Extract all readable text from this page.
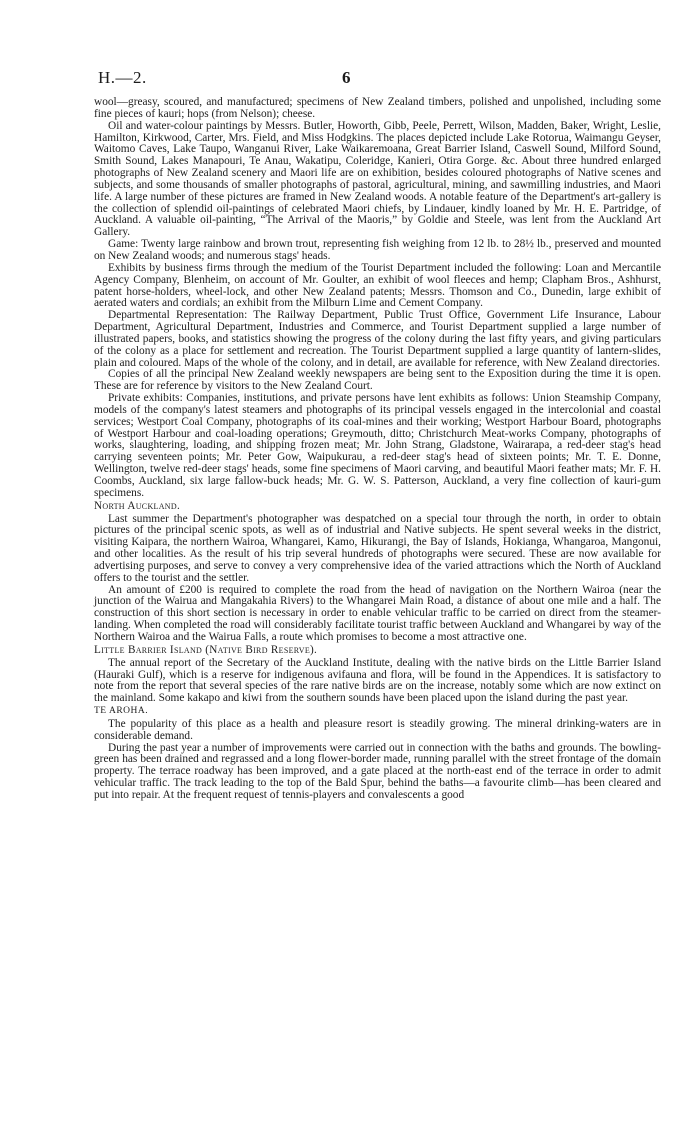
H.—2.	6

wool—greasy, scoured, and manufactured; specimens of New Zealand timbers, polished and unpolished, including some fine pieces of kauri; hops (from Nelson); cheese.

Oil and water-colour paintings by Messrs. Butler, Howorth, Gibb, Peele, Perrett, Wilson, Madden, Baker, Wright, Leslie, Hamilton, Kirkwood, Carter, Mrs. Field, and Miss Hodgkins. The places depicted include Lake Rotorua, Waimangu Geyser, Waitomo Caves, Lake Taupo, Wanganui River, Lake Waikaremoana, Great Barrier Island, Caswell Sound, Milford Sound, Smith Sound, Lakes Manapouri, Te Anau, Wakatipu, Coleridge, Kanieri, Otira Gorge. &c. About three hundred enlarged photographs of New Zealand scenery and Maori life are on exhibition, besides coloured photographs of Native scenes and subjects, and some thousands of smaller photographs of pastoral, agricultural, mining, and sawmilling industries, and Maori life. A large number of these pictures are framed in New Zealand woods. A notable feature of the Department's art-gallery is the collection of splendid oil-paintings of celebrated Maori chiefs, by Lindauer, kindly loaned by Mr. H. E. Partridge, of Auckland. A valuable oil-painting, “The Arrival of the Maoris,” by Goldie and Steele, was lent from the Auckland Art Gallery.

Game: Twenty large rainbow and brown trout, representing fish weighing from 12 lb. to 28½ lb., preserved and mounted on New Zealand woods; and numerous stags' heads.

Exhibits by business firms through the medium of the Tourist Department included the following: Loan and Mercantile Agency Company, Blenheim, on account of Mr. Goulter, an exhibit of wool fleeces and hemp; Clapham Bros., Ashhurst, patent horse-holders, wheel-lock, and other New Zealand patents; Messrs. Thomson and Co., Dunedin, large exhibit of aerated waters and cordials; an exhibit from the Milburn Lime and Cement Company.

Departmental Representation: The Railway Department, Public Trust Office, Government Life Insurance, Labour Department, Agricultural Department, Industries and Commerce, and Tourist Department supplied a large number of illustrated papers, books, and statistics showing the progress of the colony during the last fifty years, and giving particulars of the colony as a place for settlement and recreation. The Tourist Department supplied a large quantity of lantern-slides, plain and coloured. Maps of the whole of the colony, and in detail, are available for reference, with New Zealand directories.

Copies of all the principal New Zealand weekly newspapers are being sent to the Exposition during the time it is open. These are for reference by visitors to the New Zealand Court.

Private exhibits: Companies, institutions, and private persons have lent exhibits as follows: Union Steamship Company, models of the company's latest steamers and photographs of its principal vessels engaged in the intercolonial and coastal services; Westport Coal Company, photographs of its coal-mines and their working; Westport Harbour Board, photographs of Westport Harbour and coal-loading operations; Greymouth, ditto; Christchurch Meat-works Company, photographs of works, slaughtering, loading, and shipping frozen meat; Mr. John Strang, Gladstone, Wairarapa, a red-deer stag's head carrying seventeen points; Mr. Peter Gow, Waipukurau, a red-deer stag's head of sixteen points; Mr. T. E. Donne, Wellington, twelve red-deer stags' heads, some fine specimens of Maori carving, and beautiful Maori feather mats; Mr. F. H. Coombs, Auckland, six large fallow-buck heads; Mr. G. W. S. Patterson, Auckland, a very fine collection of kauri-gum specimens.

North Auckland.

Last summer the Department's photographer was despatched on a special tour through the north, in order to obtain pictures of the principal scenic spots, as well as of industrial and Native subjects. He spent several weeks in the district, visiting Kaipara, the northern Wairoa, Whangarei, Kamo, Hikurangi, the Bay of Islands, Hokianga, Whangaroa, Mangonui, and other localities. As the result of his trip several hundreds of photographs were secured. These are now available for advertising purposes, and serve to convey a very comprehensive idea of the varied attractions which the North of Auckland offers to the tourist and the settler.

An amount of £200 is required to complete the road from the head of navigation on the Northern Wairoa (near the junction of the Wairua and Mangakahia Rivers) to the Whangarei Main Road, a distance of about one mile and a half. The construction of this short section is necessary in order to enable vehicular traffic to be carried on direct from the steamer-landing. When completed the road will considerably facilitate tourist traffic between Auckland and Whangarei by way of the Northern Wairoa and the Wairua Falls, a route which promises to become a most attractive one.

Little Barrier Island (Native Bird Reserve).

The annual report of the Secretary of the Auckland Institute, dealing with the native birds on the Little Barrier Island (Hauraki Gulf), which is a reserve for indigenous avifauna and flora, will be found in the Appendices. It is satisfactory to note from the report that several species of the rare native birds are on the increase, notably some which are now extinct on the mainland. Some kakapo and kiwi from the southern sounds have been placed upon the island during the past year.

TE AROHA.

The popularity of this place as a health and pleasure resort is steadily growing. The mineral drinking-waters are in considerable demand.

During the past year a number of improvements were carried out in connection with the baths and grounds. The bowling-green has been drained and regrassed and a long flower-border made, running parallel with the street frontage of the domain property. The terrace roadway has been improved, and a gate placed at the north-east end of the terrace in order to admit vehicular traffic. The track leading to the top of the Bald Spur, behind the baths—a favourite climb—has been cleared and put into repair. At the frequent request of tennis-players and convalescents a good
